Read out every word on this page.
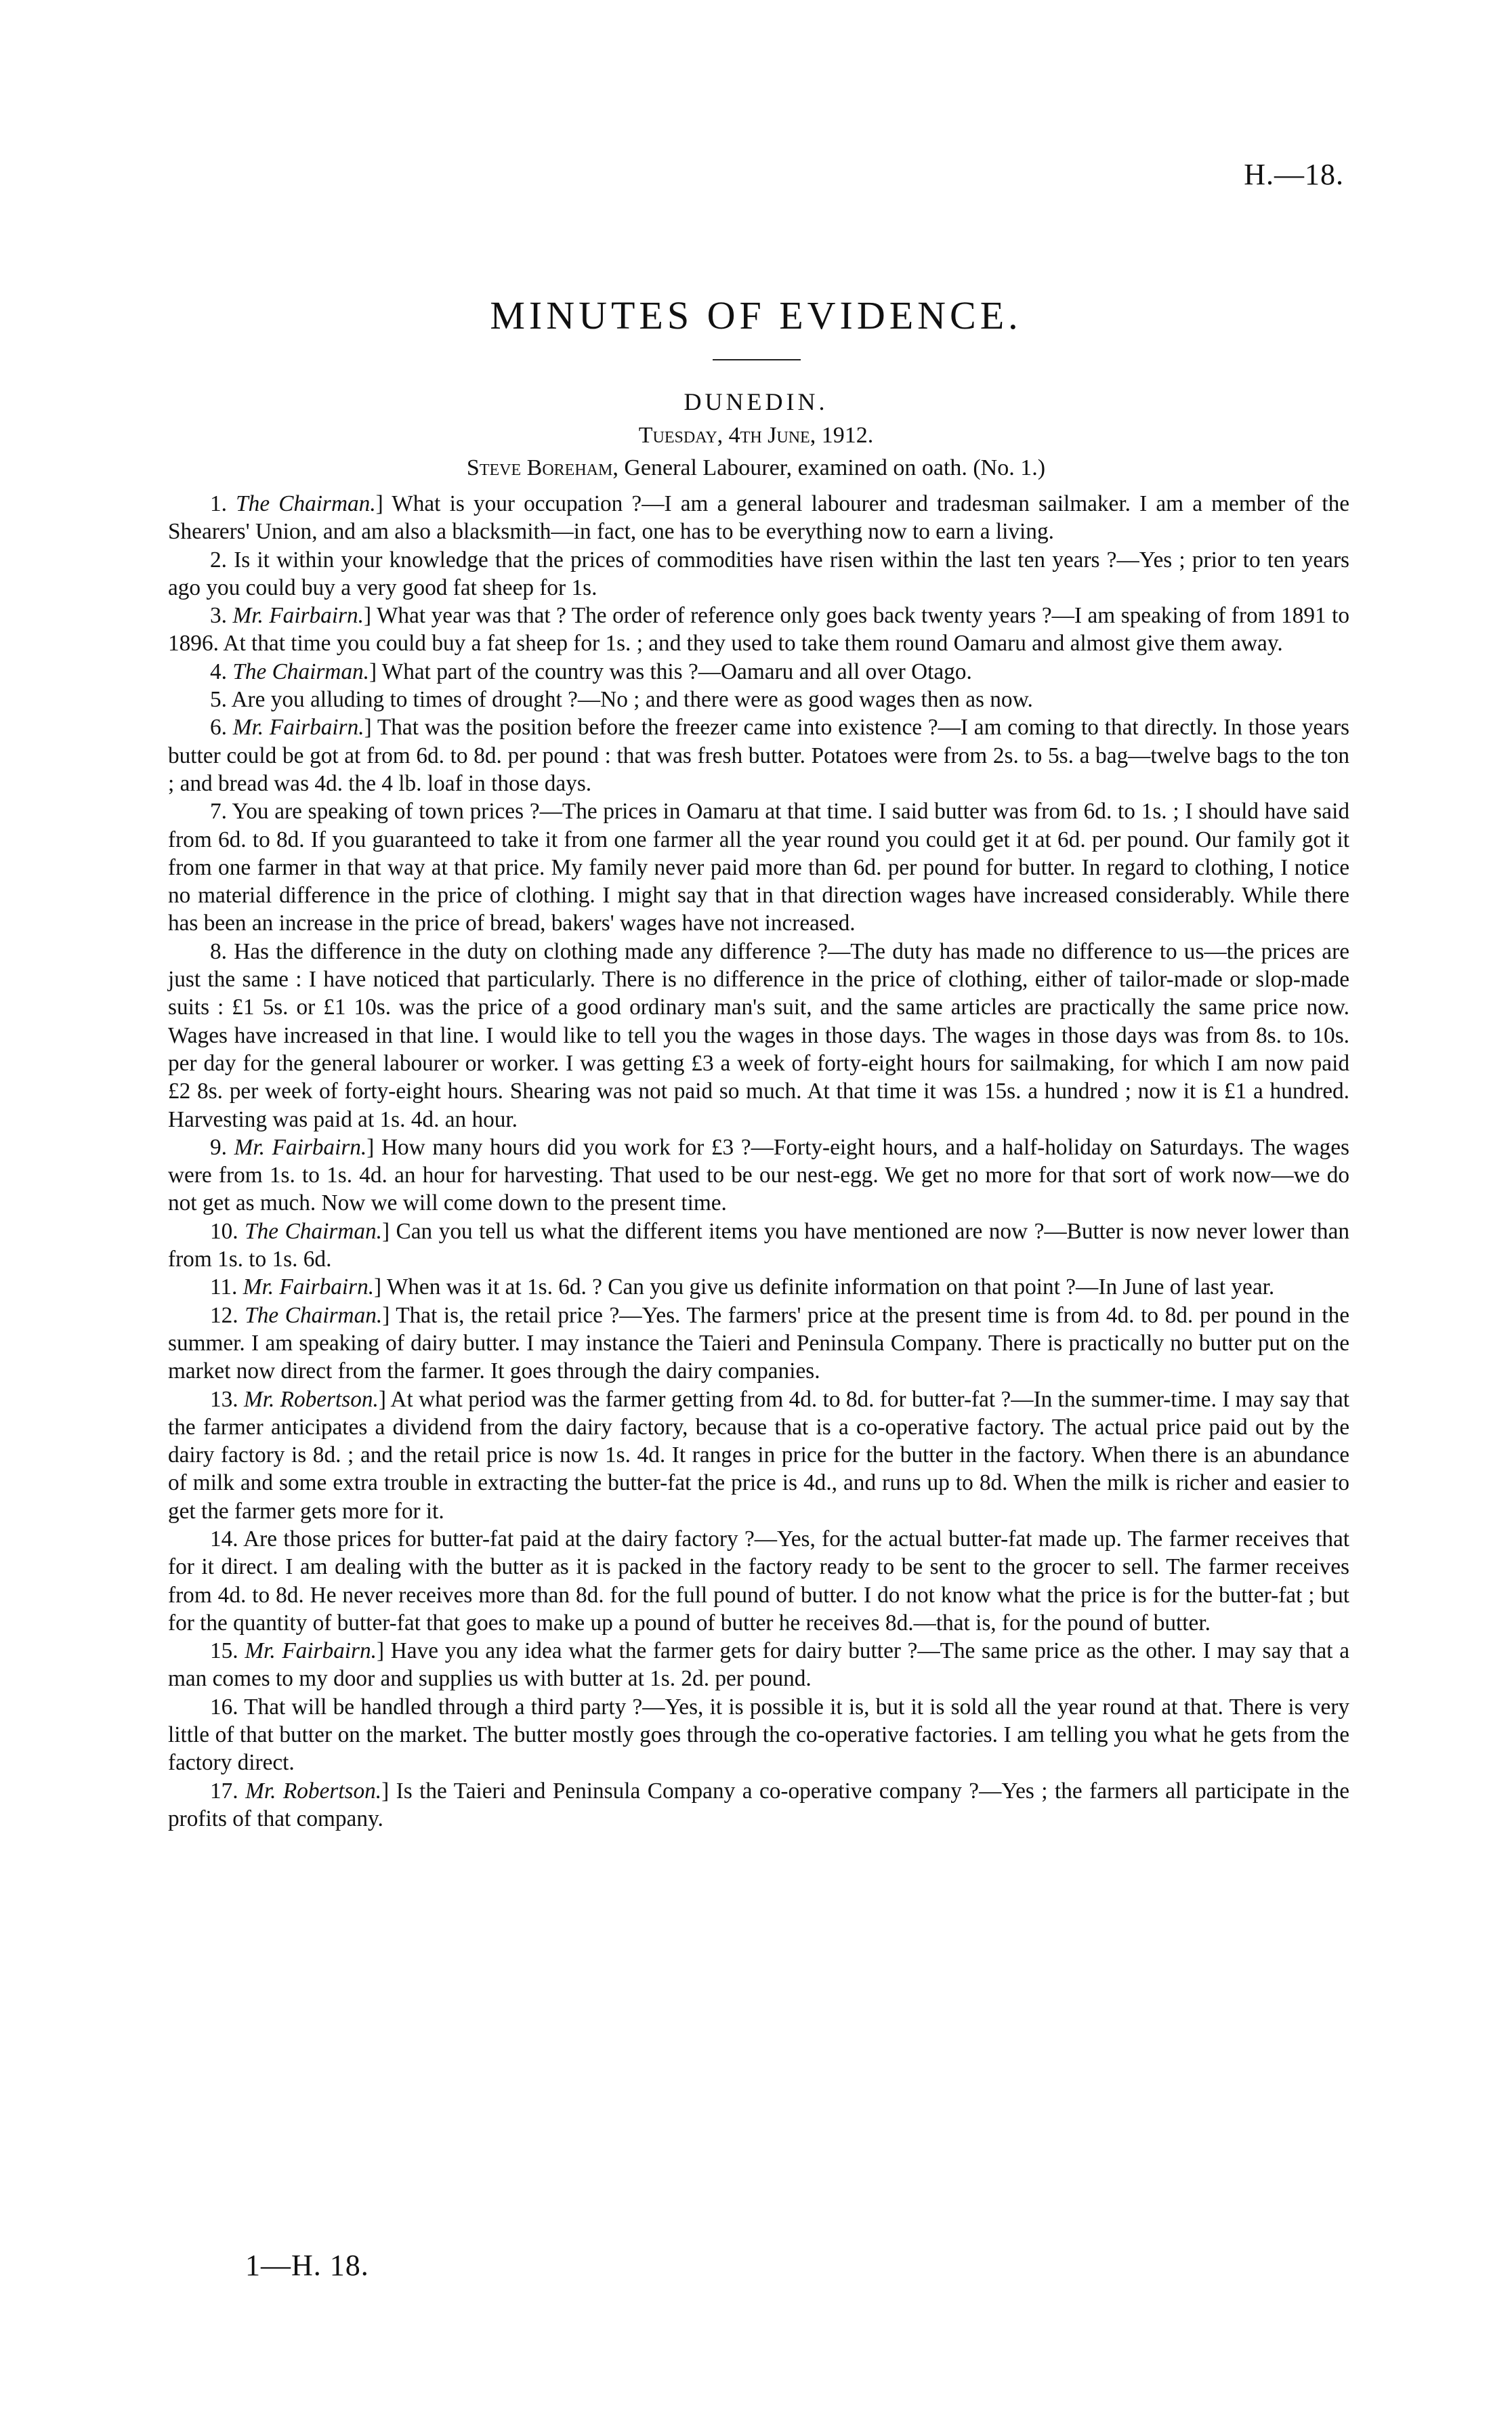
H.—18.
MINUTES OF EVIDENCE.
DUNEDIN.
Tuesday, 4th June, 1912.
Steve Boreham, General Labourer, examined on oath. (No. 1.)

1. The Chairman.] What is your occupation ?—I am a general labourer and tradesman sailmaker. I am a member of the Shearers' Union, and am also a blacksmith—in fact, one has to be everything now to earn a living.

2. Is it within your knowledge that the prices of commodities have risen within the last ten years ?—Yes ; prior to ten years ago you could buy a very good fat sheep for 1s.

3. Mr. Fairbairn.] What year was that ? The order of reference only goes back twenty years ?—I am speaking of from 1891 to 1896. At that time you could buy a fat sheep for 1s. ; and they used to take them round Oamaru and almost give them away.

4. The Chairman.] What part of the country was this ?—Oamaru and all over Otago.

5. Are you alluding to times of drought ?—No ; and there were as good wages then as now.

6. Mr. Fairbairn.] That was the position before the freezer came into existence ?—I am coming to that directly. In those years butter could be got at from 6d. to 8d. per pound : that was fresh butter. Potatoes were from 2s. to 5s. a bag—twelve bags to the ton ; and bread was 4d. the 4 lb. loaf in those days.

7. You are speaking of town prices ?—The prices in Oamaru at that time. I said butter was from 6d. to 1s. ; I should have said from 6d. to 8d. If you guaranteed to take it from one farmer all the year round you could get it at 6d. per pound. Our family got it from one farmer in that way at that price. My family never paid more than 6d. per pound for butter. In regard to clothing, I notice no material difference in the price of clothing. I might say that in that direction wages have increased considerably. While there has been an increase in the price of bread, bakers' wages have not increased.

8. Has the difference in the duty on clothing made any difference ?—The duty has made no difference to us—the prices are just the same : I have noticed that particularly. There is no difference in the price of clothing, either of tailor-made or slop-made suits : £1 5s. or £1 10s. was the price of a good ordinary man's suit, and the same articles are practically the same price now. Wages have increased in that line. I would like to tell you the wages in those days. The wages in those days was from 8s. to 10s. per day for the general labourer or worker. I was getting £3 a week of forty-eight hours for sailmaking, for which I am now paid £2 8s. per week of forty-eight hours. Shearing was not paid so much. At that time it was 15s. a hundred ; now it is £1 a hundred. Harvesting was paid at 1s. 4d. an hour.

9. Mr. Fairbairn.] How many hours did you work for £3 ?—Forty-eight hours, and a half-holiday on Saturdays. The wages were from 1s. to 1s. 4d. an hour for harvesting. That used to be our nest-egg. We get no more for that sort of work now—we do not get as much. Now we will come down to the present time.

10. The Chairman.] Can you tell us what the different items you have mentioned are now ?—Butter is now never lower than from 1s. to 1s. 6d.

11. Mr. Fairbairn.] When was it at 1s. 6d. ? Can you give us definite information on that point ?—In June of last year.

12. The Chairman.] That is, the retail price ?—Yes. The farmers' price at the present time is from 4d. to 8d. per pound in the summer. I am speaking of dairy butter. I may instance the Taieri and Peninsula Company. There is practically no butter put on the market now direct from the farmer. It goes through the dairy companies.

13. Mr. Robertson.] At what period was the farmer getting from 4d. to 8d. for butter-fat ?—In the summer-time. I may say that the farmer anticipates a dividend from the dairy factory, because that is a co-operative factory. The actual price paid out by the dairy factory is 8d. ; and the retail price is now 1s. 4d. It ranges in price for the butter in the factory. When there is an abundance of milk and some extra trouble in extracting the butter-fat the price is 4d., and runs up to 8d. When the milk is richer and easier to get the farmer gets more for it.

14. Are those prices for butter-fat paid at the dairy factory ?—Yes, for the actual butter-fat made up. The farmer receives that for it direct. I am dealing with the butter as it is packed in the factory ready to be sent to the grocer to sell. The farmer receives from 4d. to 8d. He never receives more than 8d. for the full pound of butter. I do not know what the price is for the butter-fat ; but for the quantity of butter-fat that goes to make up a pound of butter he receives 8d.—that is, for the pound of butter.

15. Mr. Fairbairn.] Have you any idea what the farmer gets for dairy butter ?—The same price as the other. I may say that a man comes to my door and supplies us with butter at 1s. 2d. per pound.

16. That will be handled through a third party ?—Yes, it is possible it is, but it is sold all the year round at that. There is very little of that butter on the market. The butter mostly goes through the co-operative factories. I am telling you what he gets from the factory direct.

17. Mr. Robertson.] Is the Taieri and Peninsula Company a co-operative company ?—Yes ; the farmers all participate in the profits of that company.

1—H. 18.
